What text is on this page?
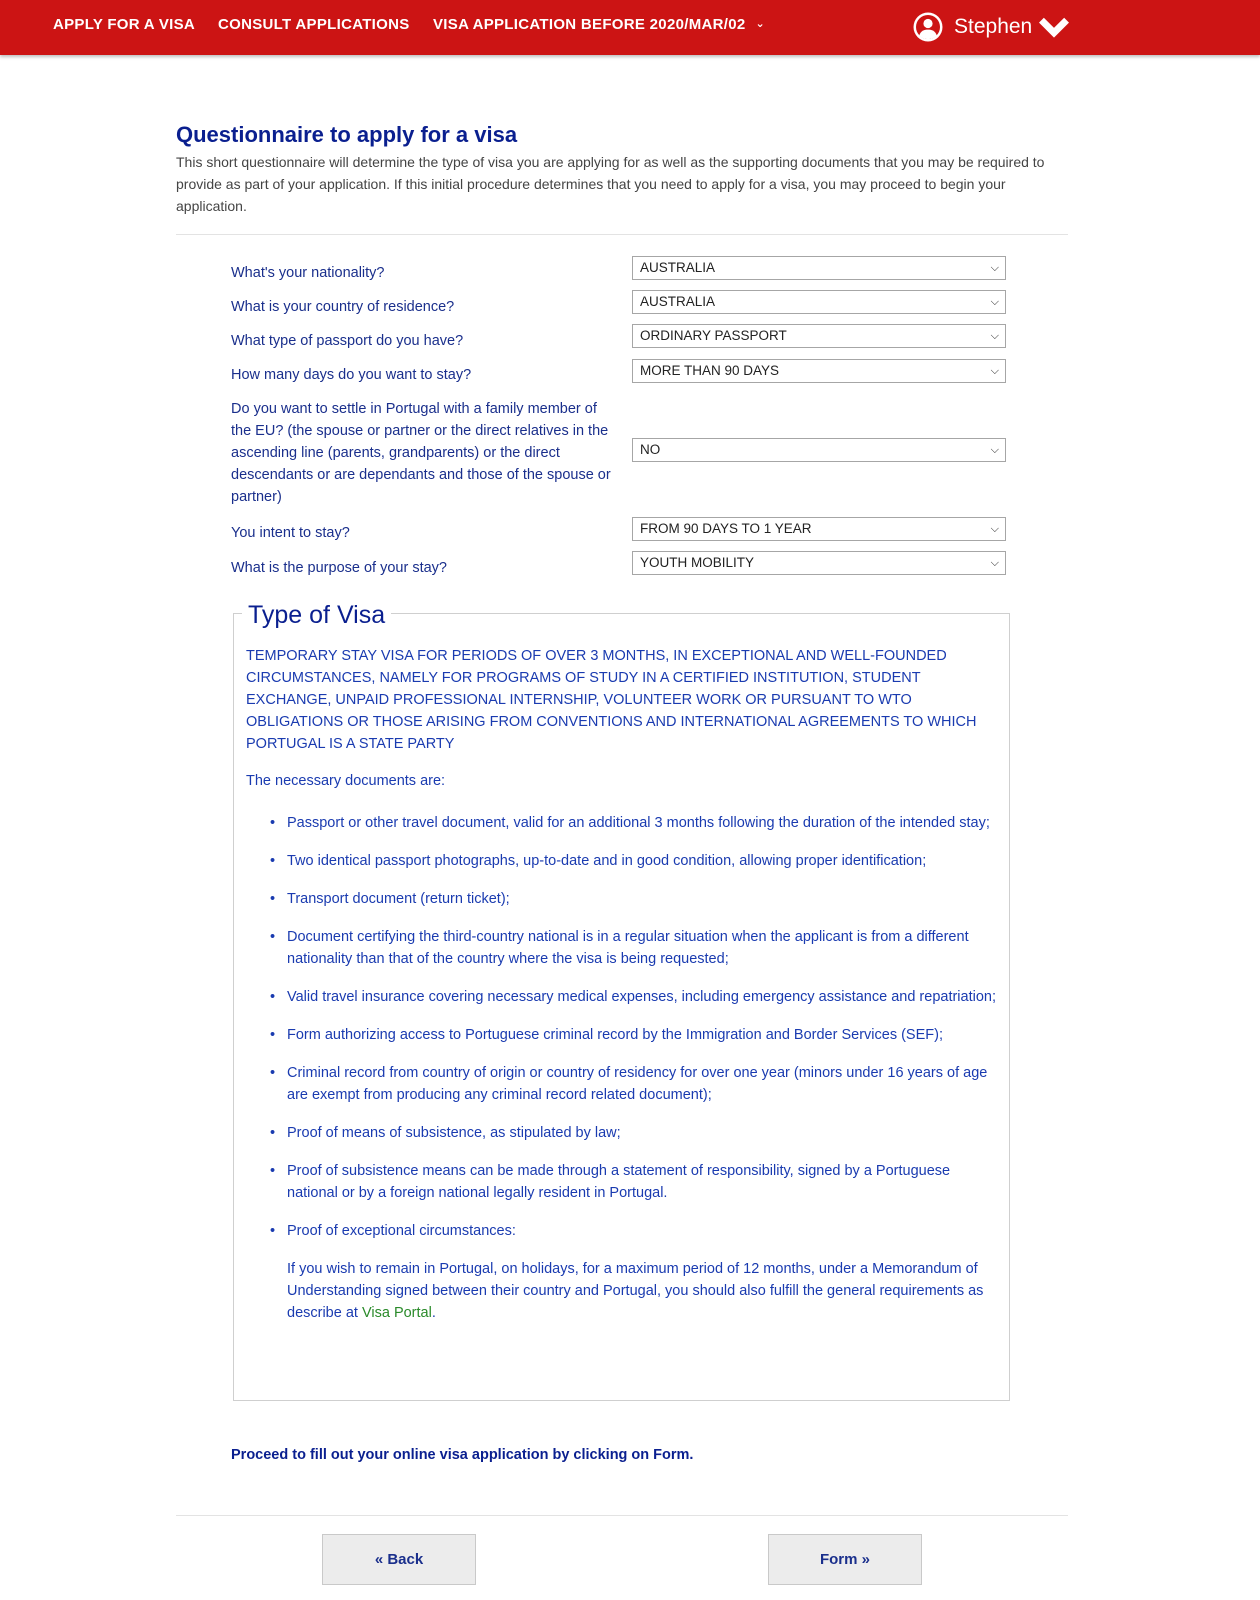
APPLY FOR A VISA CONSULT APPLICATIONS VISA APPLICATION BEFORE 2020/MAR/02 ⌄	Stephen
Questionnaire to apply for a visa
This short questionnaire will determine the type of visa you are applying for as well as the supporting documents that you may be required to provide as part of your application. If this initial procedure determines that you need to apply for a visa, you may proceed to begin your application.
What's your nationality?	AUSTRALIA	⌵
What is your country of residence?	AUSTRALIA	⌵
What type of passport do you have?	ORDINARY PASSPORT	⌵
How many days do you want to stay?	MORE THAN 90 DAYS	⌵
Do you want to settle in Portugal with a family member of the EU? (the spouse or partner or the direct relatives in the ascending line (parents, grandparents) or the direct descendants or are dependants and those of the spouse or partner)
NO	⌵
You intent to stay?	FROM 90 DAYS TO 1 YEAR	⌵
What is the purpose of your stay?	YOUTH MOBILITY	⌵
Type of Visa
TEMPORARY STAY VISA FOR PERIODS OF OVER 3 MONTHS, IN EXCEPTIONAL AND WELL-FOUNDED CIRCUMSTANCES, NAMELY FOR PROGRAMS OF STUDY IN A CERTIFIED INSTITUTION, STUDENT EXCHANGE, UNPAID PROFESSIONAL INTERNSHIP, VOLUNTEER WORK OR PURSUANT TO WTO OBLIGATIONS OR THOSE ARISING FROM CONVENTIONS AND INTERNATIONAL AGREEMENTS TO WHICH PORTUGAL IS A STATE PARTY
The necessary documents are:
• Passport or other travel document, valid for an additional 3 months following the duration of the intended stay;
• Two identical passport photographs, up-to-date and in good condition, allowing proper identification;
• Transport document (return ticket);
• Document certifying the third-country national is in a regular situation when the applicant is from a different nationality than that of the country where the visa is being requested;
• Valid travel insurance covering necessary medical expenses, including emergency assistance and repatriation;
• Form authorizing access to Portuguese criminal record by the Immigration and Border Services (SEF);
• Criminal record from country of origin or country of residency for over one year (minors under 16 years of age are exempt from producing any criminal record related document);
• Proof of means of subsistence, as stipulated by law;
• Proof of subsistence means can be made through a statement of responsibility, signed by a Portuguese national or by a foreign national legally resident in Portugal.
• Proof of exceptional circumstances:
If you wish to remain in Portugal, on holidays, for a maximum period of 12 months, under a Memorandum of Understanding signed between their country and Portugal, you should also fulfill the general requirements as describe at Visa Portal.
Proceed to fill out your online visa application by clicking on Form.
« Back	Form »
